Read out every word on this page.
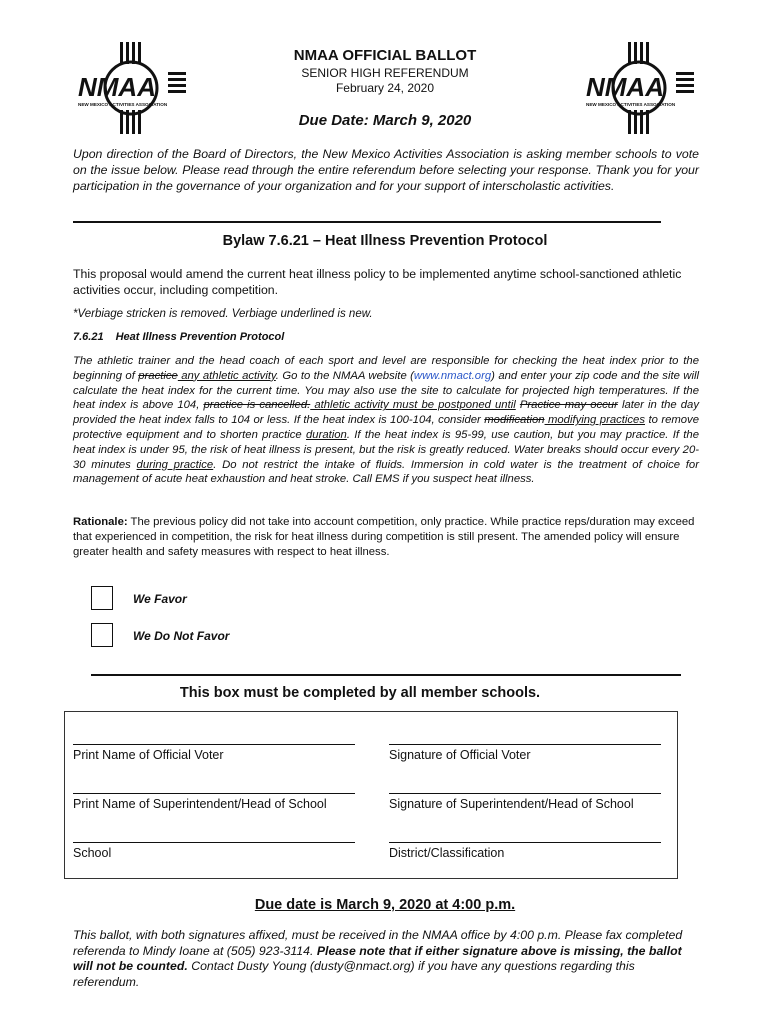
NMAA
NEW MEXICO ACTIVITIES ASSOCIATION
NMAA
NEW MEXICO ACTIVITIES ASSOCIATION
NMAA OFFICIAL BALLOT
SENIOR HIGH REFERENDUM
February 24, 2020
Due Date: March 9, 2020

Upon direction of the Board of Directors, the New Mexico Activities Association is asking member schools to vote on the issue below. Please read through the entire referendum before selecting your response. Thank you for your participation in the governance of your organization and for your support of interscholastic activities.

Bylaw 7.6.21 – Heat Illness Prevention Protocol

This proposal would amend the current heat illness policy to be implemented anytime school-sanctioned athletic activities occur, including competition.

*Verbiage stricken is removed. Verbiage underlined is new.
7.6.21 Heat Illness Prevention Protocol

The athletic trainer and the head coach of each sport and level are responsible for checking the heat index prior to the beginning of practice any athletic activity. Go to the NMAA website (www.nmact.org) and enter your zip code and the site will calculate the heat index for the current time. You may also use the site to calculate for projected high temperatures. If the heat index is above 104, practice is cancelled. athletic activity must be postponed until Practice may occur later in the day provided the heat index falls to 104 or less. If the heat index is 100-104, consider modification modifying practices to remove protective equipment and to shorten practice duration. If the heat index is 95-99, use caution, but you may practice. If the heat index is under 95, the risk of heat illness is present, but the risk is greatly reduced. Water breaks should occur every 20-30 minutes during practice. Do not restrict the intake of fluids. Immersion in cold water is the treatment of choice for management of acute heat exhaustion and heat stroke. Call EMS if you suspect heat illness.

Rationale: The previous policy did not take into account competition, only practice. While practice reps/duration may exceed that experienced in competition, the risk for heat illness during competition is still present. The amended policy will ensure greater health and safety measures with respect to heat illness.

We Favor
We Do Not Favor
This box must be completed by all member schools.
Print Name of Official Voter	Signature of Official Voter
Print Name of Superintendent/Head of School	Signature of Superintendent/Head of School
School	District/Classification
Due date is March 9, 2020 at 4:00 p.m.

This ballot, with both signatures affixed, must be received in the NMAA office by 4:00 p.m. Please fax completed referenda to Mindy Ioane at (505) 923-3114. Please note that if either signature above is missing, the ballot will not be counted. Contact Dusty Young (dusty@nmact.org) if you have any questions regarding this referendum.
